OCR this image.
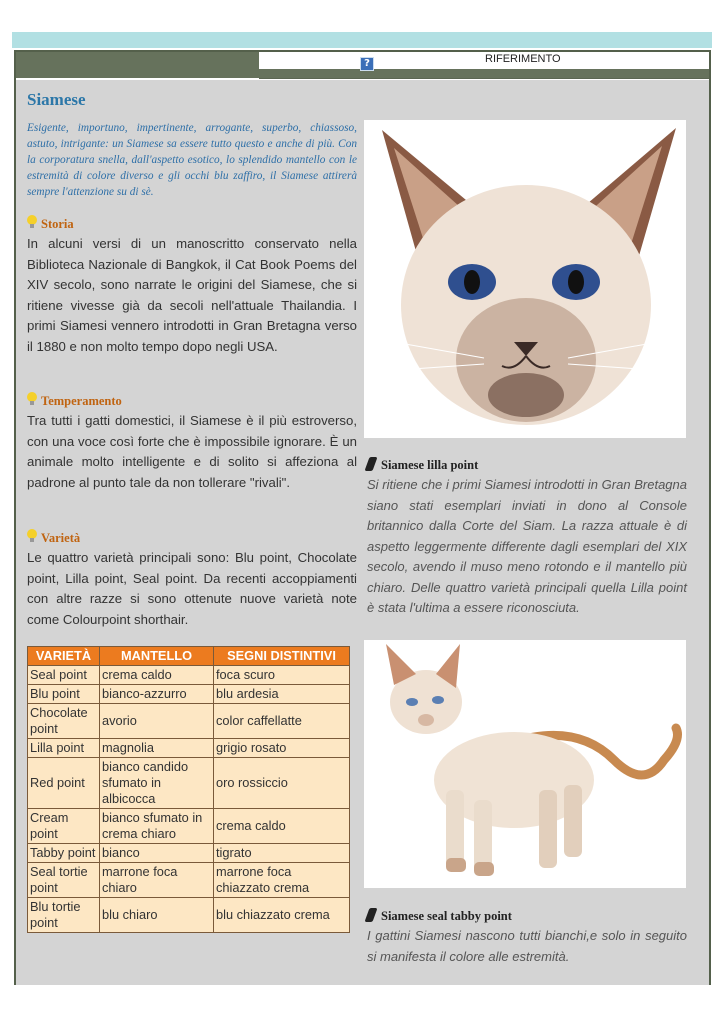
RIFERIMENTO
?
Siamese
Esigente, importuno, impertinente, arrogante, superbo, chiassoso, astuto, intrigante: un Siamese sa essere tutto questo e anche di più. Con la corporatura snella, dall'aspetto esotico, lo splendido mantello con le estremità di colore diverso e gli occhi blu zaffiro, il Siamese attirerà sempre l'attenzione su di sè.
Storia
In alcuni versi di un manoscritto conservato nella Biblioteca Nazionale di Bangkok, il Cat Book Poems del XIV secolo, sono narrate le origini del Siamese, che si ritiene vivesse già da secoli nell'attuale Thailandia. I primi Siamesi vennero introdotti in Gran Bretagna verso il 1880 e non molto tempo dopo negli USA.
Temperamento
Tra tutti i gatti domestici, il Siamese è il più estroverso, con una voce così forte che è impossibile ignorare. È un animale molto intelligente e di solito si affeziona al padrone al punto tale da non tollerare "rivali".
Varietà
Le quattro varietà principali sono: Blu point, Chocolate point, Lilla point, Seal point. Da recenti accoppiamenti con altre razze si sono ottenute nuove varietà note come Colourpoint shorthair.
VARIETÀ	MANTELLO	SEGNI DISTINTIVI
Seal point	crema caldo	foca scuro
Blu point	bianco-azzurro	blu ardesia
Chocolate point	avorio	color caffellatte
Lilla point	magnolia	grigio rosato
Red point	bianco candido sfumato in albicocca	oro rossiccio
Cream point	bianco sfumato in crema chiaro	crema caldo
Tabby point	bianco	tigrato
Seal tortie point	marrone foca chiaro	marrone foca chiazzato crema
Blu tortie point	blu chiaro	blu chiazzato crema
Siamese lilla point
Si ritiene che i primi Siamesi introdotti in Gran Bretagna siano stati esemplari inviati in dono al Console britannico dalla Corte del Siam. La razza attuale è di aspetto leggermente differente dagli esemplari del XIX secolo, avendo il muso meno rotondo e il mantello più chiaro. Delle quattro varietà principali quella Lilla point è stata l'ultima a essere riconosciuta.
Siamese seal tabby point
I gattini Siamesi nascono tutti bianchi,e solo in seguito si manifesta il colore alle estremità.
